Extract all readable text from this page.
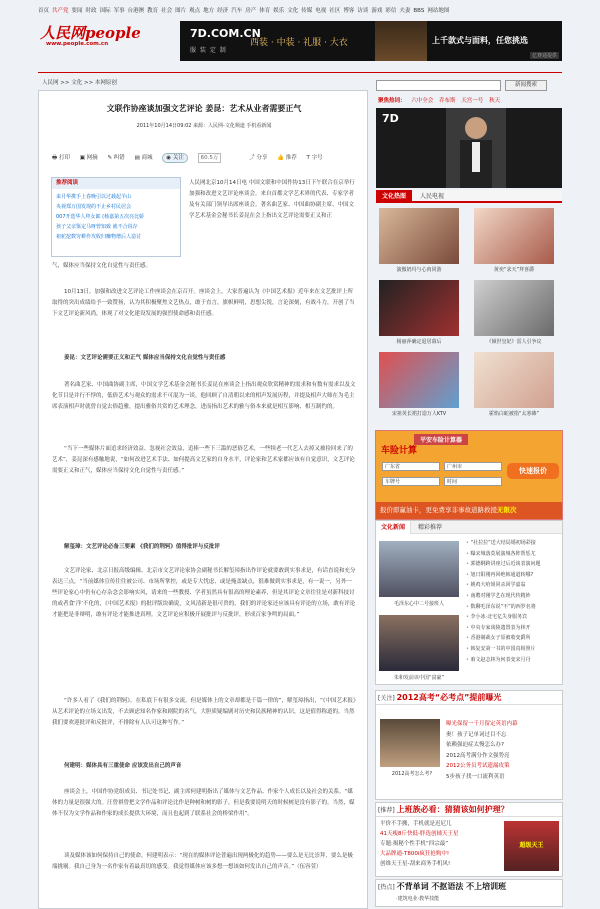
首页 共产党 要闻 时政 国际 军事 台港澳 教育 社会 图片 观点 地方 经济 汽车 房产 体育 娱乐 文化 传媒 电视 社区 博客 访谈 游戏 彩信 夫妻 BBS 网站地图
人民网people
www.people.com.cn
7D.COM.CN
服 装 定 制
西装 · 中装 · 礼服 · 大衣	上千款式与面料，任您挑选
亿赛通提供
人民网 >> 文化 >> 本网原创
文联作协座谈加强文艺评论 姜昆：艺术从业者需要正气
2011年10月14日09:02 来源：人民网-文化频道 手机看新闻
🖶 打印 ▣ 网摘 ✎ 纠错 ▤ 商城	◉ 关注	60.5万	⤴ 分享 👍 推荐 T 字号
推荐阅读
来月华携手上春晚引以过载起羊山
央视郑万国发现的不止乡村民居会
007开选华人拜女郎 (杨嘉第五次亮比娇
孩子父亲鉴定马呀曾知致 就不合说存
祖驼挖数穷耕作攻收归赚物增后人造讨
人民网北京10月14日电 中国文联和中国作协13日下午联合在京举行加强和改进文艺评论座谈会。来自首都文学艺术界的代表、专家学者及有关部门领导出席座谈会。著名曲艺家、中国曲协副主席、中国文学艺术基金会秘书长姜昆在会上指出文艺评论需要正义和正
气，媒体应当保持文化自觉性与责任感。
10月13日，加强和改进文艺评论工作座谈会在京召开。座谈会上，大家普遍认为《中国艺术报》近年来在文艺批评上所取得的突出成绩给予一致赞扬，认为其积极聚焦文艺热点，敢于直言，旗帜鲜明，思想尖锐，言论深刻，有战斗力，开创了当下文艺评论新风尚，体现了对文化建设发展的强烈使命感和责任感。
姜昆：文艺评论需要正义和正气 媒体应当保持文化自觉性与责任感
著名曲艺家、中国曲协副主席，中国文学艺术基金会秘书长姜昆在座谈会上指出观众欣赏精神的需求和有数有需求以及文化节目是并行不悖的，低俗艺术与观众的需求不可混为一谈。他回顾了自清朝以来的相声发展历程，并提及相声大师在为毛主席表演相声时就曾自觉去俗趋雅，提出雅俗共赏的艺术理念，进而指出艺术的雅与俗本来就是相互影响、相互制约的。
“当下一些媒体片面追求经济效益、忽视社会效益，追捧一些下三滥的恶俗艺术，一些犊老一代艺人去掉又被捡回来了的艺术”，姜昆深有感触地说，“如何改进艺术手法、如何提高文艺家的自身水平，评论家和艺术家都应该有自觉意识，文艺评论需要正义和正气，媒体应当保持文化自觉性与责任感。”
解玺璋：文艺评论必备三要素 《我们的荆轲》值得批评与反批评
文艺评论家、北京日报高级编辑、北京市文艺评论家协会副秘书长解玺璋指出作评论就要敢到实事求是，有话直说和充分表达三点，“当前媒体宣传往往被公司、市场所掌控，或是专大忧虑、或是掩盖缺点，很难做到实事求是，有一说一，另外一些评论家心中仍有心存杂念会影响实风，请来的一些教授、学者虽然具有很高的理论素养，但是其评论文章往往是对新科技讨的或者食‘洋’不化的，《中国艺术报》的批评版块确说，文风清新是很可贵的，我们的评论家还应该具有评论的立场，敢有评论才能把是非辩明，敢有评论才能推进真理。文艺评论应积极开展批评与反批评，形成百家争鸣的局面。”
“许多人看了《我们的荆轲》，在私底下有很多交流，但是媒体上的文章却都是千篇一律的”，解玺璋指出，“《中国艺术报》从艺术评论的立场义出发，不去顾虑知名作家和剧院的名气，大胆质疑编剧对历史和民族精神的认识，这是值得称道的。当然我们要欢迎批评和反批评，不排除有人认可这种写作。”
何建明：媒体具有三重使命 应该发出自己的声音
座谈会上，中国作协党组成员、书记处书记、副主席何建明指出了媒体与文艺作品、作家个人成长以及社会的关系。“媒体的力量是很强大的。汪曾祺曾把文学作品和评论比作是种树和树的影子，但是我要说明天的时候树是没有影子的。当然，媒体不仅为文学作品和作家的成长提供大环境，而且也起到了联系社会的桥梁作用”。
谈及媒体该如何保持自己的使命，何建明表示：“现在的媒体评论普遍出现两极化的趋势——要么是无比崇拜，要么是极端挑剔。我自己身为一名作家有着最真切的感受。我觉得媒体应该多想一想该如何发出自己的声音。”（伍容萱）
新闻搜索
聚焦热词： 六中全会 乔布斯 天宫一号 秋天
7D
文化热图 人民电视
演傲奶玛与心肉同游	黄奕“求天”拜喜爵
杨丽萍确定退居幕后	《倾世皇妃》雷人引争议
宋祖英长裙打造万人KTV	霍焰白蛇被指“太寒碜”
平安车险计算器
车险计算
广东省	广州市
车牌号	时间
快速报价
报价即赢油卡，更免费享非事故道路救援无限次
文化新闻 精彩推荐
毛泽东心中二号接班人
朱和发前该中国“富豪”
• “社拉拉”送大结局婚初场彩接
• 曝宋城落莫展演城各阵帮惩尤
• 郭德纲跨讲座过后近谈表演问题
• 旭日阳刚再回绝韩通道转哪?
• 姚鸡大哈姐同杀回学嘉翁
• 南聘对刚学艺在现代传精妙
• 数聊毛泽东说“不”的西罗名将
• 李小冰·北宅亿失身服务宾
• 中央专家谈陵遗置表为林开
• 香港制裁女子原被收变爵所
• 韩复安第一书的中国真相照片
• 咱文赵志林为何表变宋月丹
[关注] 2012高考“必考点”提前曝光
2012高考怎么考?
曝光保留一千月留定英语内幕
奥！孩子记单词过目不忘
依赖强迫症太慢怎么办?
2012高考满分作文强势亮
2012公务员考试遗漏攻策
5步孩子找一口流利英语
[推荐] 上班族必看：猜猜该如何护理？
平价不手搬，手机就是迟尼儿
41天瘦8斤快低-胖选创辅天王星
专题:揭秘个性手机“四宗最”
大品牌通-T800i疯狂抢购中!
创维天王星-刮来商务手机风!
超级天王
[热点] 不背单词 不抠语法 不上培训班
·建筑电业·教华技能
